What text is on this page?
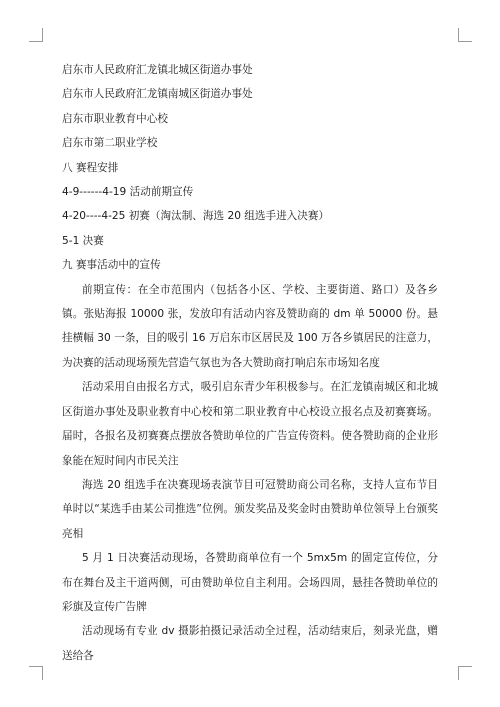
启东市人民政府汇龙镇北城区街道办事处

启东市人民政府汇龙镇南城区街道办事处

启东市职业教育中心校

启东市第二职业学校

八 赛程安排

4-9------4-19 活动前期宣传

4-20----4-25 初赛（淘汰制、海选 20 组选手进入决赛）

5-1 决赛

九 赛事活动中的宣传

前期宣传：在全市范围内（包括各小区、学校、主要街道、路口）及各乡镇。张贴海报 10000 张，发放印有活动内容及赞助商的 dm 单 50000 份。悬挂横幅 30 一条，目的吸引 16 万启东市区居民及 100 万各乡镇居民的注意力，为决赛的活动现场预先营造气氛也为各大赞助商打响启东市场知名度

活动采用自由报名方式，吸引启东青少年积极参与。在汇龙镇南城区和北城区街道办事处及职业教育中心校和第二职业教育中心校设立报名点及初赛赛场。届时，各报名及初赛赛点摆放各赞助单位的广告宣传资料。使各赞助商的企业形象能在短时间内市民关注

海选 20 组选手在决赛现场表演节目可冠赞助商公司名称，支持人宣布节目单时以“某选手由某公司推选”位例。颁发奖品及奖金时由赞助单位领导上台颁奖亮相

5 月 1 日决赛活动现场，各赞助商单位有一个 5mx5m 的固定宣传位，分布在舞台及主干道两侧，可由赞助单位自主利用。会场四周，悬挂各赞助单位的彩旗及宣传广告牌

活动现场有专业 dv 摄影拍摄记录活动全过程，活动结束后，刻录光盘，赠送给各
